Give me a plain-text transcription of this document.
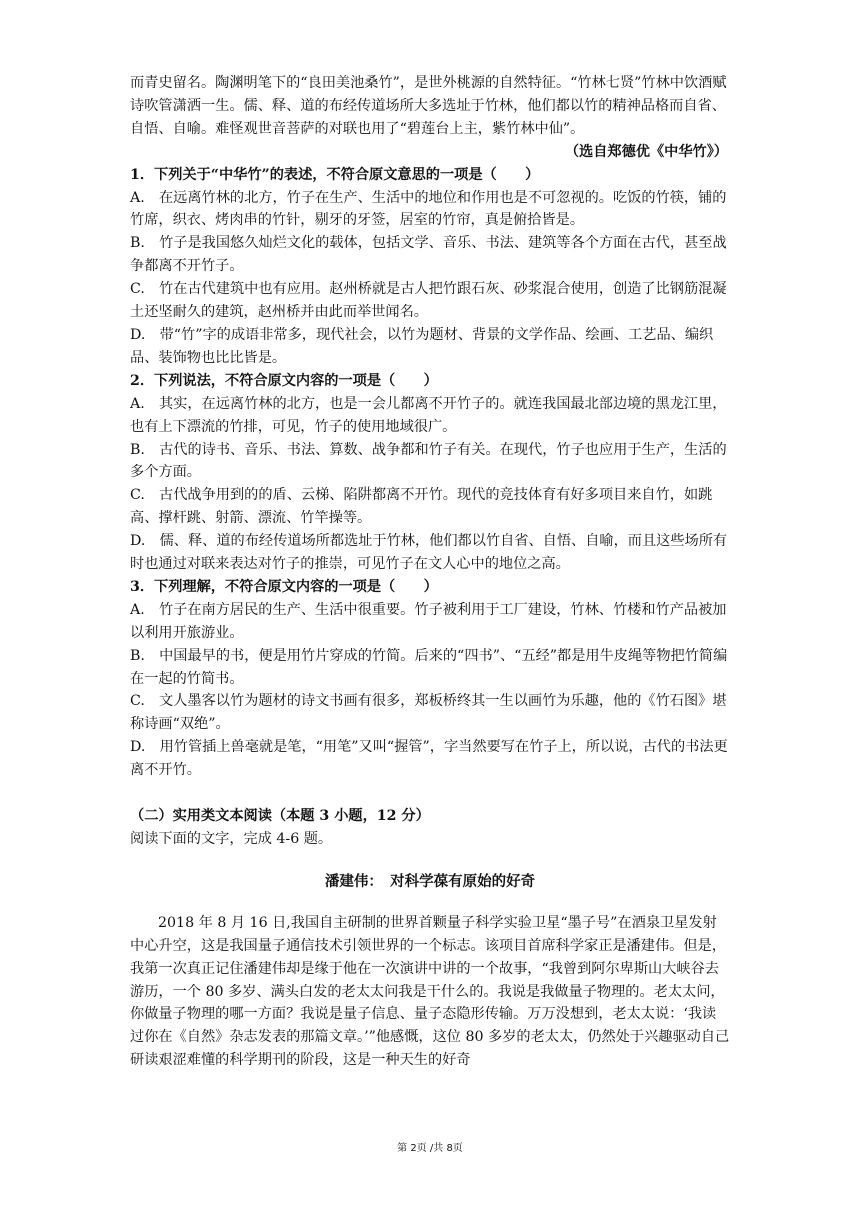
而青史留名。陶渊明笔下的“良田美池桑竹”，是世外桃源的自然特征。“竹林七贤”竹林中饮酒赋诗吹管潇洒一生。儒、释、道的布经传道场所大多选址于竹林，他们都以竹的精神品格而自省、自悟、自喻。难怪观世音菩萨的对联也用了“碧莲台上主，紫竹林中仙”。

（选自郑德优《中华竹》）

1．下列关于“中华竹”的表述，不符合原文意思的一项是（　　）

A.　在远离竹林的北方，竹子在生产、生活中的地位和作用也是不可忽视的。吃饭的竹筷，铺的竹席，织衣、烤肉串的竹针，剔牙的牙签，居室的竹帘，真是俯拾皆是。

B.　竹子是我国悠久灿烂文化的载体，包括文学、音乐、书法、建筑等各个方面在古代，甚至战争都离不开竹子。

C.　竹在古代建筑中也有应用。赵州桥就是古人把竹跟石灰、砂浆混合使用，创造了比钢筋混凝土还坚耐久的建筑，赵州桥并由此而举世闻名。

D.　带“竹”字的成语非常多，现代社会，以竹为题材、背景的文学作品、绘画、工艺品、编织品、装饰物也比比皆是。

2．下列说法，不符合原文内容的一项是（　　）

A.　其实，在远离竹林的北方，也是一会儿都离不开竹子的。就连我国最北部边境的黑龙江里，也有上下漂流的竹排，可见，竹子的使用地域很广。

B.　古代的诗书、音乐、书法、算数、战争都和竹子有关。在现代，竹子也应用于生产，生活的多个方面。

C.　古代战争用到的的盾、云梯、陷阱都离不开竹。现代的竞技体育有好多项目来自竹，如跳高、撑杆跳、射箭、漂流、竹竿操等。

D.　儒、释、道的布经传道场所都选址于竹林，他们都以竹自省、自悟、自喻，而且这些场所有时也通过对联来表达对竹子的推崇，可见竹子在文人心中的地位之高。

3．下列理解，不符合原文内容的一项是（　　）

A.　竹子在南方居民的生产、生活中很重要。竹子被利用于工厂建设，竹林、竹楼和竹产品被加以利用开旅游业。

B.　中国最早的书，便是用竹片穿成的竹简。后来的“四书”、“五经”都是用牛皮绳等物把竹简编在一起的竹简书。

C.　文人墨客以竹为题材的诗文书画有很多，郑板桥终其一生以画竹为乐趣，他的《竹石图》堪称诗画“双绝”。

D.　用竹管插上兽毫就是笔，“用笔”又叫“握管”，字当然要写在竹子上，所以说，古代的书法更离不开竹。

（二）实用类文本阅读（本题 3 小题，12 分）

阅读下面的文字，完成 4-6 题。

潘建伟：　对科学葆有原始的好奇

2018 年 8 月 16 日,我国自主研制的世界首颗量子科学实验卫星“墨子号”在酒泉卫星发射中心升空，这是我国量子通信技术引领世界的一个标志。该项目首席科学家正是潘建伟。但是，我第一次真正记住潘建伟却是缘于他在一次演讲中讲的一个故事，“我曾到阿尔卑斯山大峡谷去游历，一个 80 多岁、满头白发的老太太问我是干什么的。我说是我做量子物理的。老太太问，你做量子物理的哪一方面？我说是量子信息、量子态隐形传输。万万没想到，老太太说：‘我读过你在《自然》杂志发表的那篇文章。’”他感慨，这位 80 多岁的老太太，仍然处于兴趣驱动自己研读艰涩难懂的科学期刊的阶段，这是一种天生的好奇

第 2页 /共 8页
